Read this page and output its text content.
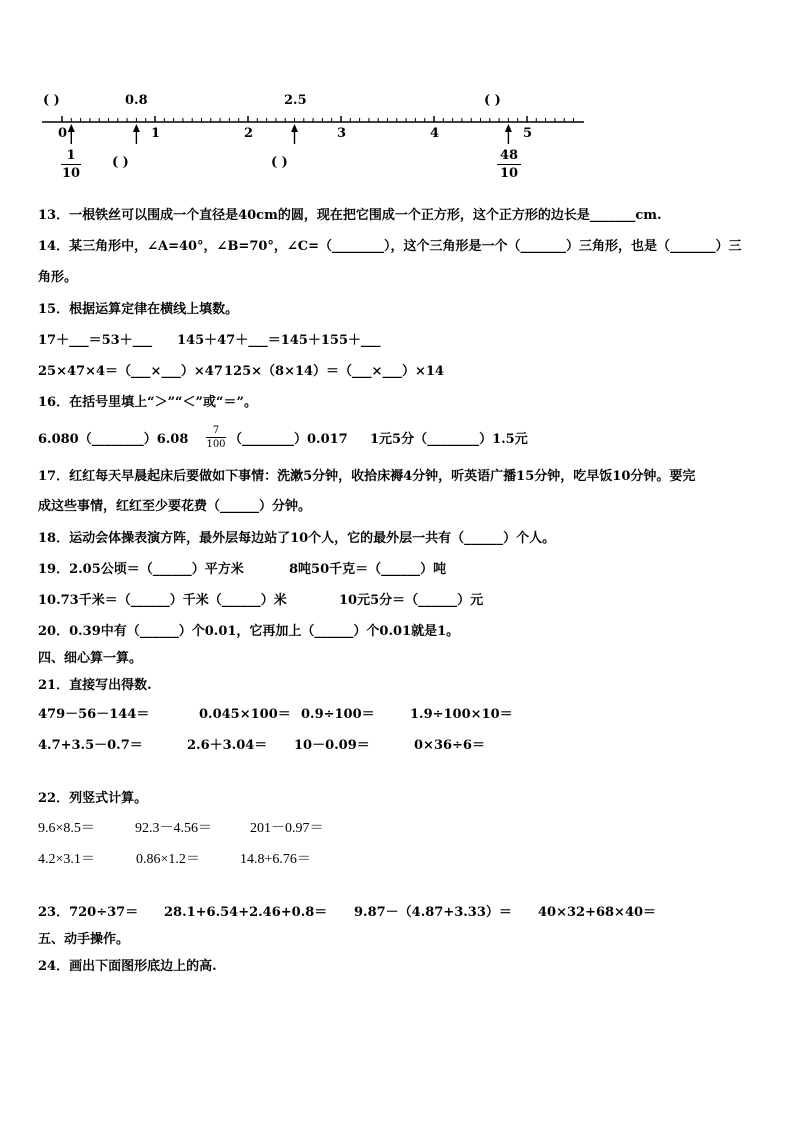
( )	0.8	2.5	( )
0	1	2	3	4	5
1
10
( )	( )	48
10
13．一根铁丝可以围成一个直径是40cm的圆，现在把它围成一个正方形，这个正方形的边长是_______cm.
14．某三角形中，∠A=40°，∠B=70°，∠C=（________），这个三角形是一个（_______）三角形，也是（_______）三
角形。
15．根据运算定律在横线上填数。
17＋___＝53＋___ 145＋47＋___＝145＋155＋___
25×47×4＝（___×___）×47 125×（8×14）＝（___×___）×14
16．在括号里填上“＞”“＜”或“＝”。
6.080（________）6.08
7
100 （________）0.017 1元5分（________）1.5元
17．红红每天早晨起床后要做如下事情：洗漱5分钟，收拾床褥4分钟，听英语广播15分钟，吃早饭10分钟。要完
成这些事情，红红至少要花费（______）分钟。
18．运动会体操表演方阵，最外层每边站了10个人，它的最外层一共有（______）个人。
19．2.05公顷＝（______）平方米	8吨50千克＝（______）吨
10.73千米＝（______）千米（______）米	10元5分＝（______）元
20．0.39中有（______）个0.01，它再加上（______）个0.01就是1。
四、细心算一算。
21．直接写出得数.
479－56－144＝	0.045×100＝ 0.9÷100＝	1.9÷100×10＝
4.7+3.5－0.7＝	2.6＋3.04＝ 10－0.09＝	0×36÷6＝
22．列竖式计算。
9.6×8.5＝	92.3－4.56＝	201－0.97＝
4.2×3.1＝	0.86×1.2＝	14.8+6.76＝
23．720÷37＝ 28.1+6.54+2.46+0.8＝ 9.87－（4.87+3.33）＝ 40×32+68×40＝
五、动手操作。
24．画出下面图形底边上的高.
